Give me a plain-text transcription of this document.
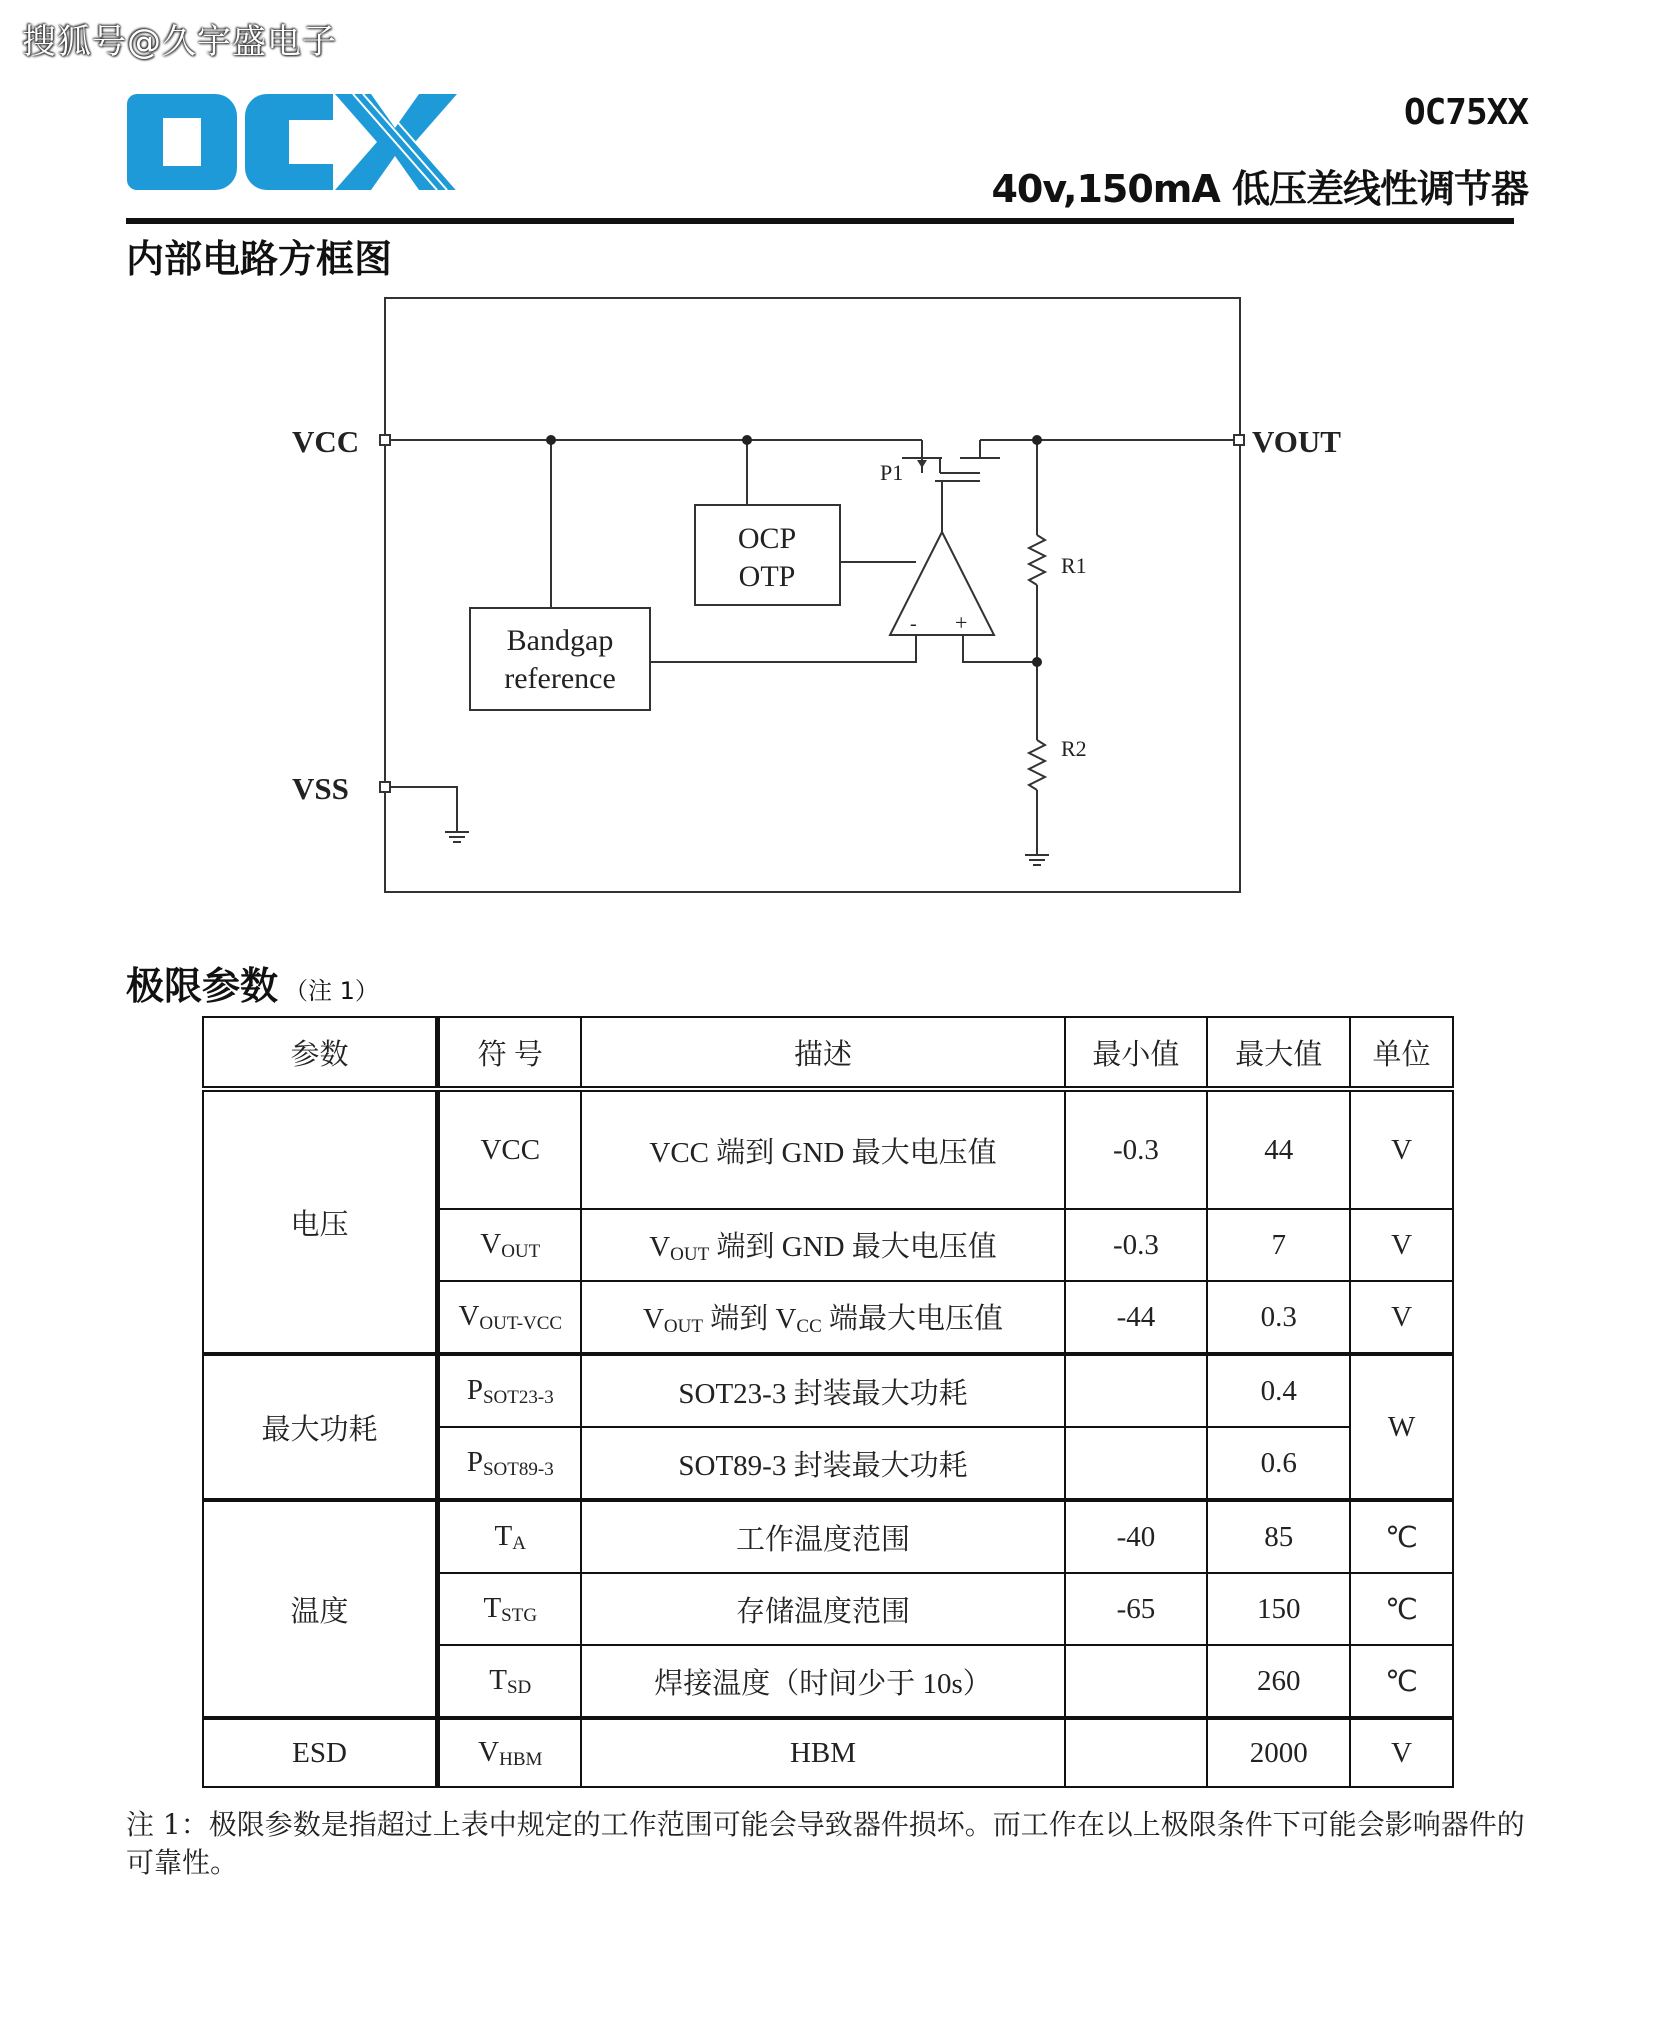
搜狐号@久宇盛电子
OC75XX
40v,150mA 低压差线性调节器
内部电路方框图
VCC	VOUT
VSS
OCP
OTP
Bandgap
reference
P1
R1
R2
- +
极限参数 （注 1）
参数	符 号	描述	最小值	最大值	单位
电压	VCC	VCC 端到 GND 最大电压值	-0.3	44	V
	$V_{OUT}$	$V_{OUT}$ 端到 GND 最大电压值	-0.3	7	V
	$V_{OUT-VCC}$	$V_{OUT}$ 端到 $V_{CC}$ 端最大电压值	-44	0.3	V
最大功耗	$P_{SOT23-3}$	SOT23-3 封装最大功耗		0.4	W
	$P_{SOT89-3}$	SOT89-3 封装最大功耗		0.6	
温度	$T_A$	工作温度范围	-40	85	℃
	$T_{STG}$	存储温度范围	-65	150	℃
	$T_{SD}$	焊接温度（时间少于 10s）		260	℃
ESD	$V_{HBM}$	HBM		2000	V
注 1：极限参数是指超过上表中规定的工作范围可能会导致器件损坏。而工作在以上极限条件下可能会影响器件的可靠性。
